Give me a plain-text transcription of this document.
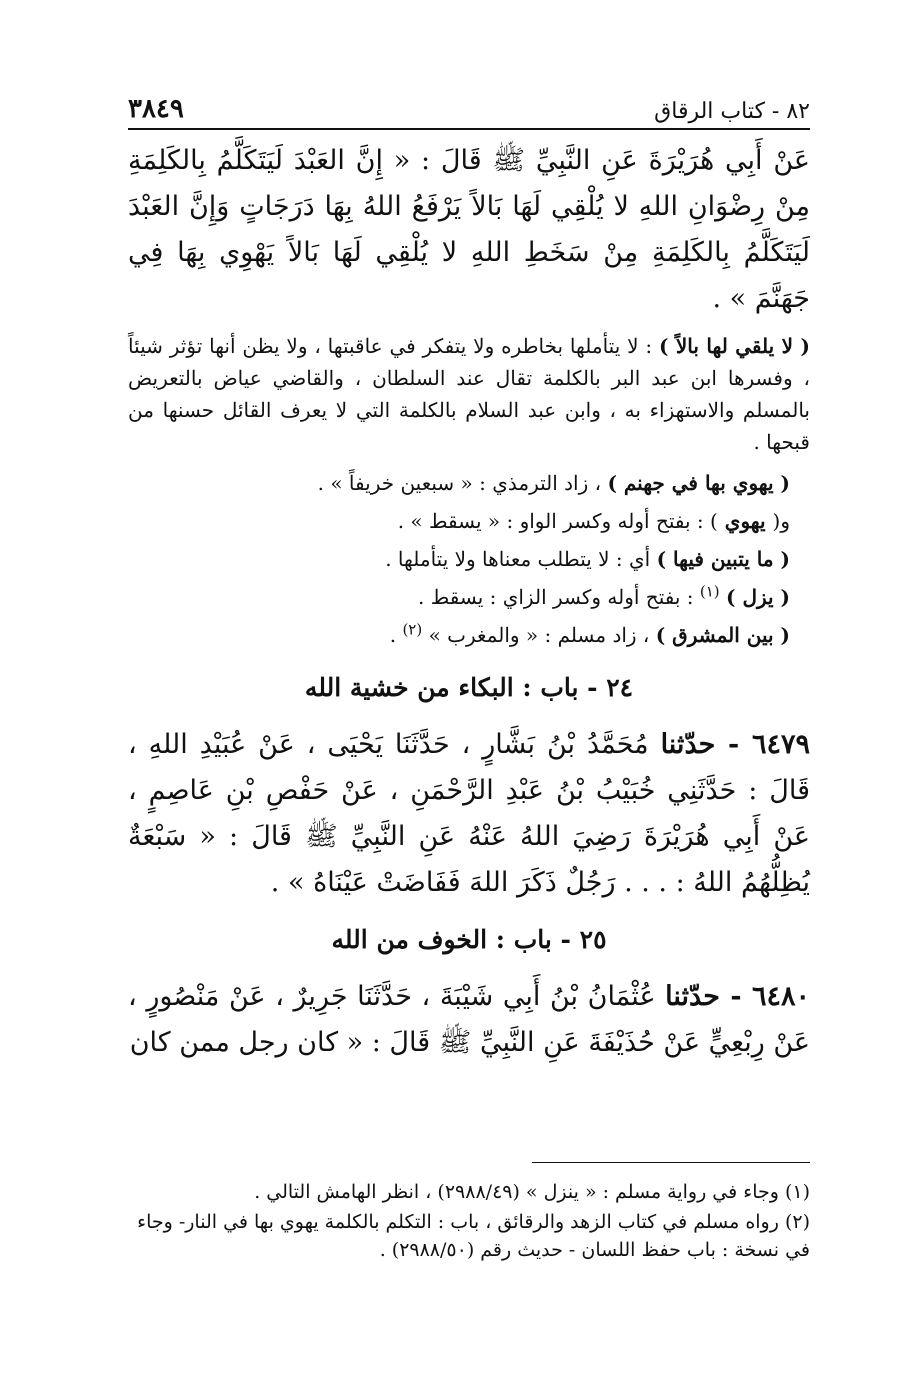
٨٢ - كتاب الرقاق
٣٨٤٩

عَنْ أَبِي هُرَيْرَةَ عَنِ النَّبِيِّ ﷺ قَالَ : « إِنَّ العَبْدَ لَيَتَكَلَّمُ بِالكَلِمَةِ مِنْ رِضْوَانِ اللهِ لا يُلْقِي لَهَا بَالاً يَرْفَعُ اللهُ بِهَا دَرَجَاتٍ وَإِنَّ العَبْدَ لَيَتَكَلَّمُ بِالكَلِمَةِ مِنْ سَخَطِ اللهِ لا يُلْقِي لَهَا بَالاً يَهْوِي بِهَا فِي جَهَنَّمَ » .

( لا يلقي لها بالاً ) : لا يتأملها بخاطره ولا يتفكر في عاقبتها ، ولا يظن أنها تؤثر شيئاً ، وفسرها ابن عبد البر بالكلمة تقال عند السلطان ، والقاضي عياض بالتعريض بالمسلم والاستهزاء به ، وابن عبد السلام بالكلمة التي لا يعرف القائل حسنها من قبحها .

( يهوي بها في جهنم ) ، زاد الترمذي : « سبعين خريفاً » .

و( يهوي ) : بفتح أوله وكسر الواو : « يسقط » .

( ما يتبين فيها ) أي : لا يتطلب معناها ولا يتأملها .

( يزل ) $^{(١)}$ : بفتح أوله وكسر الزاي : يسقط .

( بين المشرق ) ، زاد مسلم : « والمغرب » $^{(٢)}$ .

٢٤ - باب : البكاء من خشية الله

٦٤٧٩ - حدّثنا مُحَمَّدُ بْنُ بَشَّارٍ ، حَدَّثَنَا يَحْيَى ، عَنْ عُبَيْدِ اللهِ ، قَالَ : حَدَّثَنِي خُبَيْبُ بْنُ عَبْدِ الرَّحْمَنِ ، عَنْ حَفْصِ بْنِ عَاصِمٍ ، عَنْ أَبِي هُرَيْرَةَ رَضِيَ اللهُ عَنْهُ عَنِ النَّبِيِّ ﷺ قَالَ : « سَبْعَةٌ يُظِلُّهُمُ اللهُ : . . . رَجُلٌ ذَكَرَ اللهَ فَفَاضَتْ عَيْنَاهُ » .

٢٥ - باب : الخوف من الله

٦٤٨٠ - حدّثنا عُثْمَانُ بْنُ أَبِي شَيْبَةَ ، حَدَّثَنَا جَرِيرٌ ، عَنْ مَنْصُورٍ ، عَنْ رِبْعِيٍّ عَنْ حُذَيْفَةَ عَنِ النَّبِيِّ ﷺ قَالَ : « كان رجل ممن كان

(١) وجاء في رواية مسلم : « ينزل » (٢٩٨٨/٤٩) ، انظر الهامش التالي .

(٢) رواه مسلم في كتاب الزهد والرقائق ، باب : التكلم بالكلمة يهوي بها في النار- وجاء في نسخة : باب حفظ اللسان - حديث رقم (٢٩٨٨/٥٠) .
